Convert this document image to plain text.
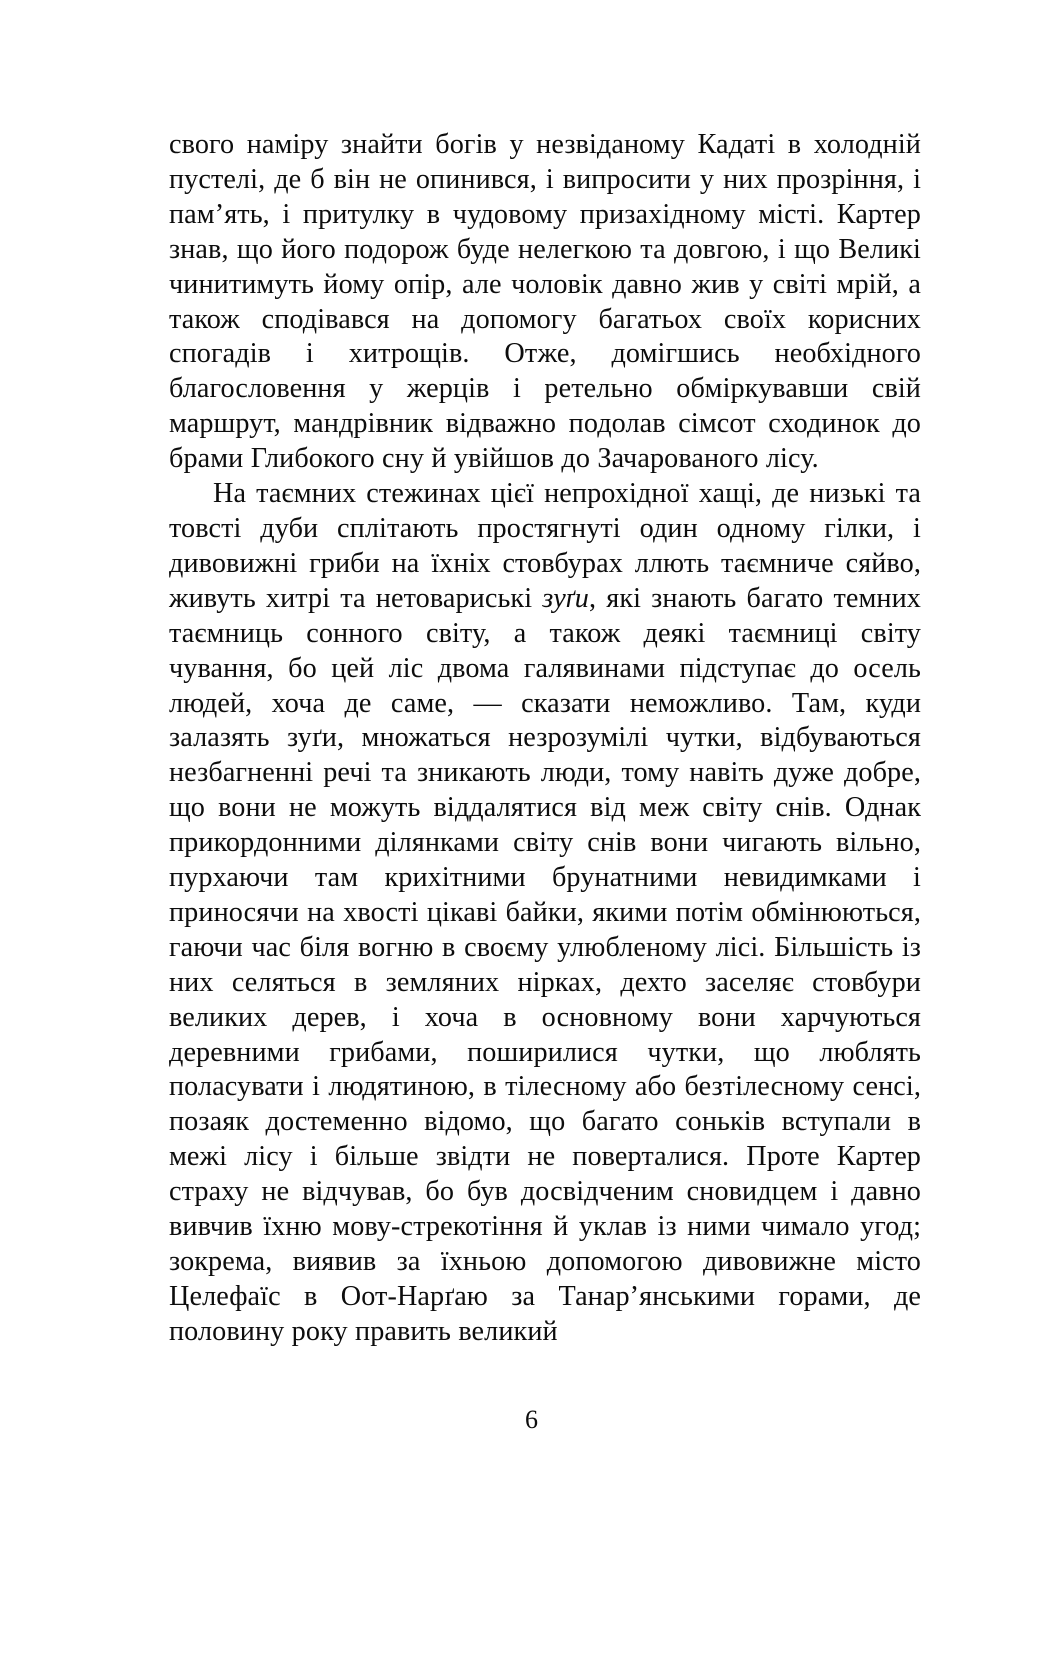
свого наміру знайти богів у незвіданому Кадаті в холодній пустелі, де б він не опинився, і випросити у них прозріння, і пам’ять, і притулку в чудовому призахідному місті. Картер знав, що його подорож буде нелегкою та довгою, і що Великі чинитимуть йому опір, але чоловік давно жив у світі мрій, а також сподівався на допомогу багатьох своїх корисних спогадів і хитрощів. Отже, домігшись необхідного благословення у жерців і ретельно обміркувавши свій маршрут, мандрівник відважно подолав сімсот сходинок до брами Глибокого сну й увійшов до Зачарованого лісу.

На таємних стежинах цієї непрохідної хащі, де низькі та товсті дуби сплітають простягнуті один одному гілки, і дивовижні гриби на їхніх стовбурах ллють таємниче сяйво, живуть хитрі та нетовариські зуґи, які знають багато темних таємниць сонного світу, а також деякі таємниці світу чування, бо цей ліс двома галявинами підступає до осель людей, хоча де саме, — сказати неможливо. Там, куди залазять зуґи, множаться незрозумілі чутки, відбуваються незбагненні речі та зникають люди, тому навіть дуже добре, що вони не можуть віддалятися від меж світу снів. Однак прикордонними ділянками світу снів вони чигають вільно, пурхаючи там крихітними брунатними невидимками і приносячи на хвості цікаві байки, якими потім обмінюються, гаючи час біля вогню в своєму улюбленому лісі. Більшість із них селяться в земляних нірках, дехто заселяє стовбури великих дерев, і хоча в основному вони харчуються деревними грибами, поширилися чутки, що люблять поласувати і людятиною, в тілесному або безтілесному сенсі, позаяк достеменно відомо, що багато соньків вступали в межі лісу і більше звідти не поверталися. Проте Картер страху не відчував, бо був досвідченим сновидцем і давно вивчив їхню мову-стрекотіння й уклав із ними чимало угод; зокрема, виявив за їхньою допомогою дивовижне місто Целефаїс в Оот-Нарґаю за Танар’янськими горами, де половину року править великий

6
